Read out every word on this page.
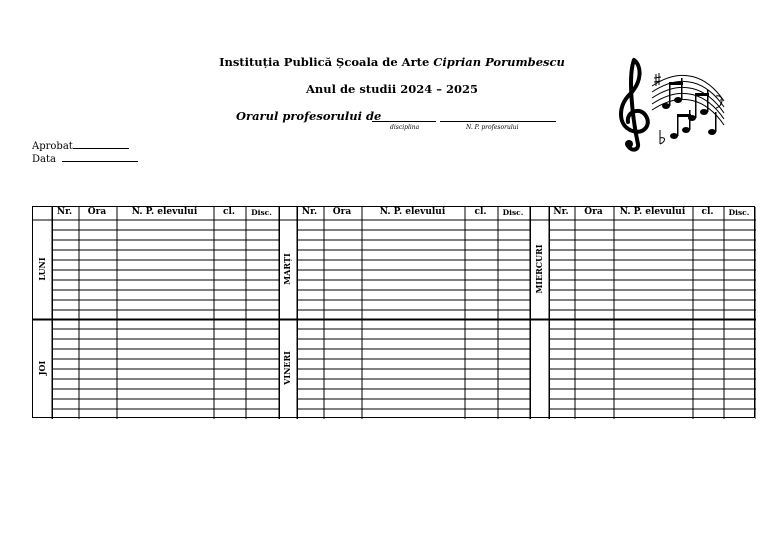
Instituția Publică Școala de Arte Ciprian Porumbescu
Anul de studii 2024 – 2025
Orarul profesorului de
disciplina	N. P. profesorului
Aprobat
Data
Nr.	Ora	N. P. elevului	cl.	Disc.	Nr.	Ora	N. P. elevului	cl.	Disc.	Nr.	Ora	N. P. elevului	cl.	Disc.
LUNI	MARȚI	MIERCURI
JOI	VINERI
